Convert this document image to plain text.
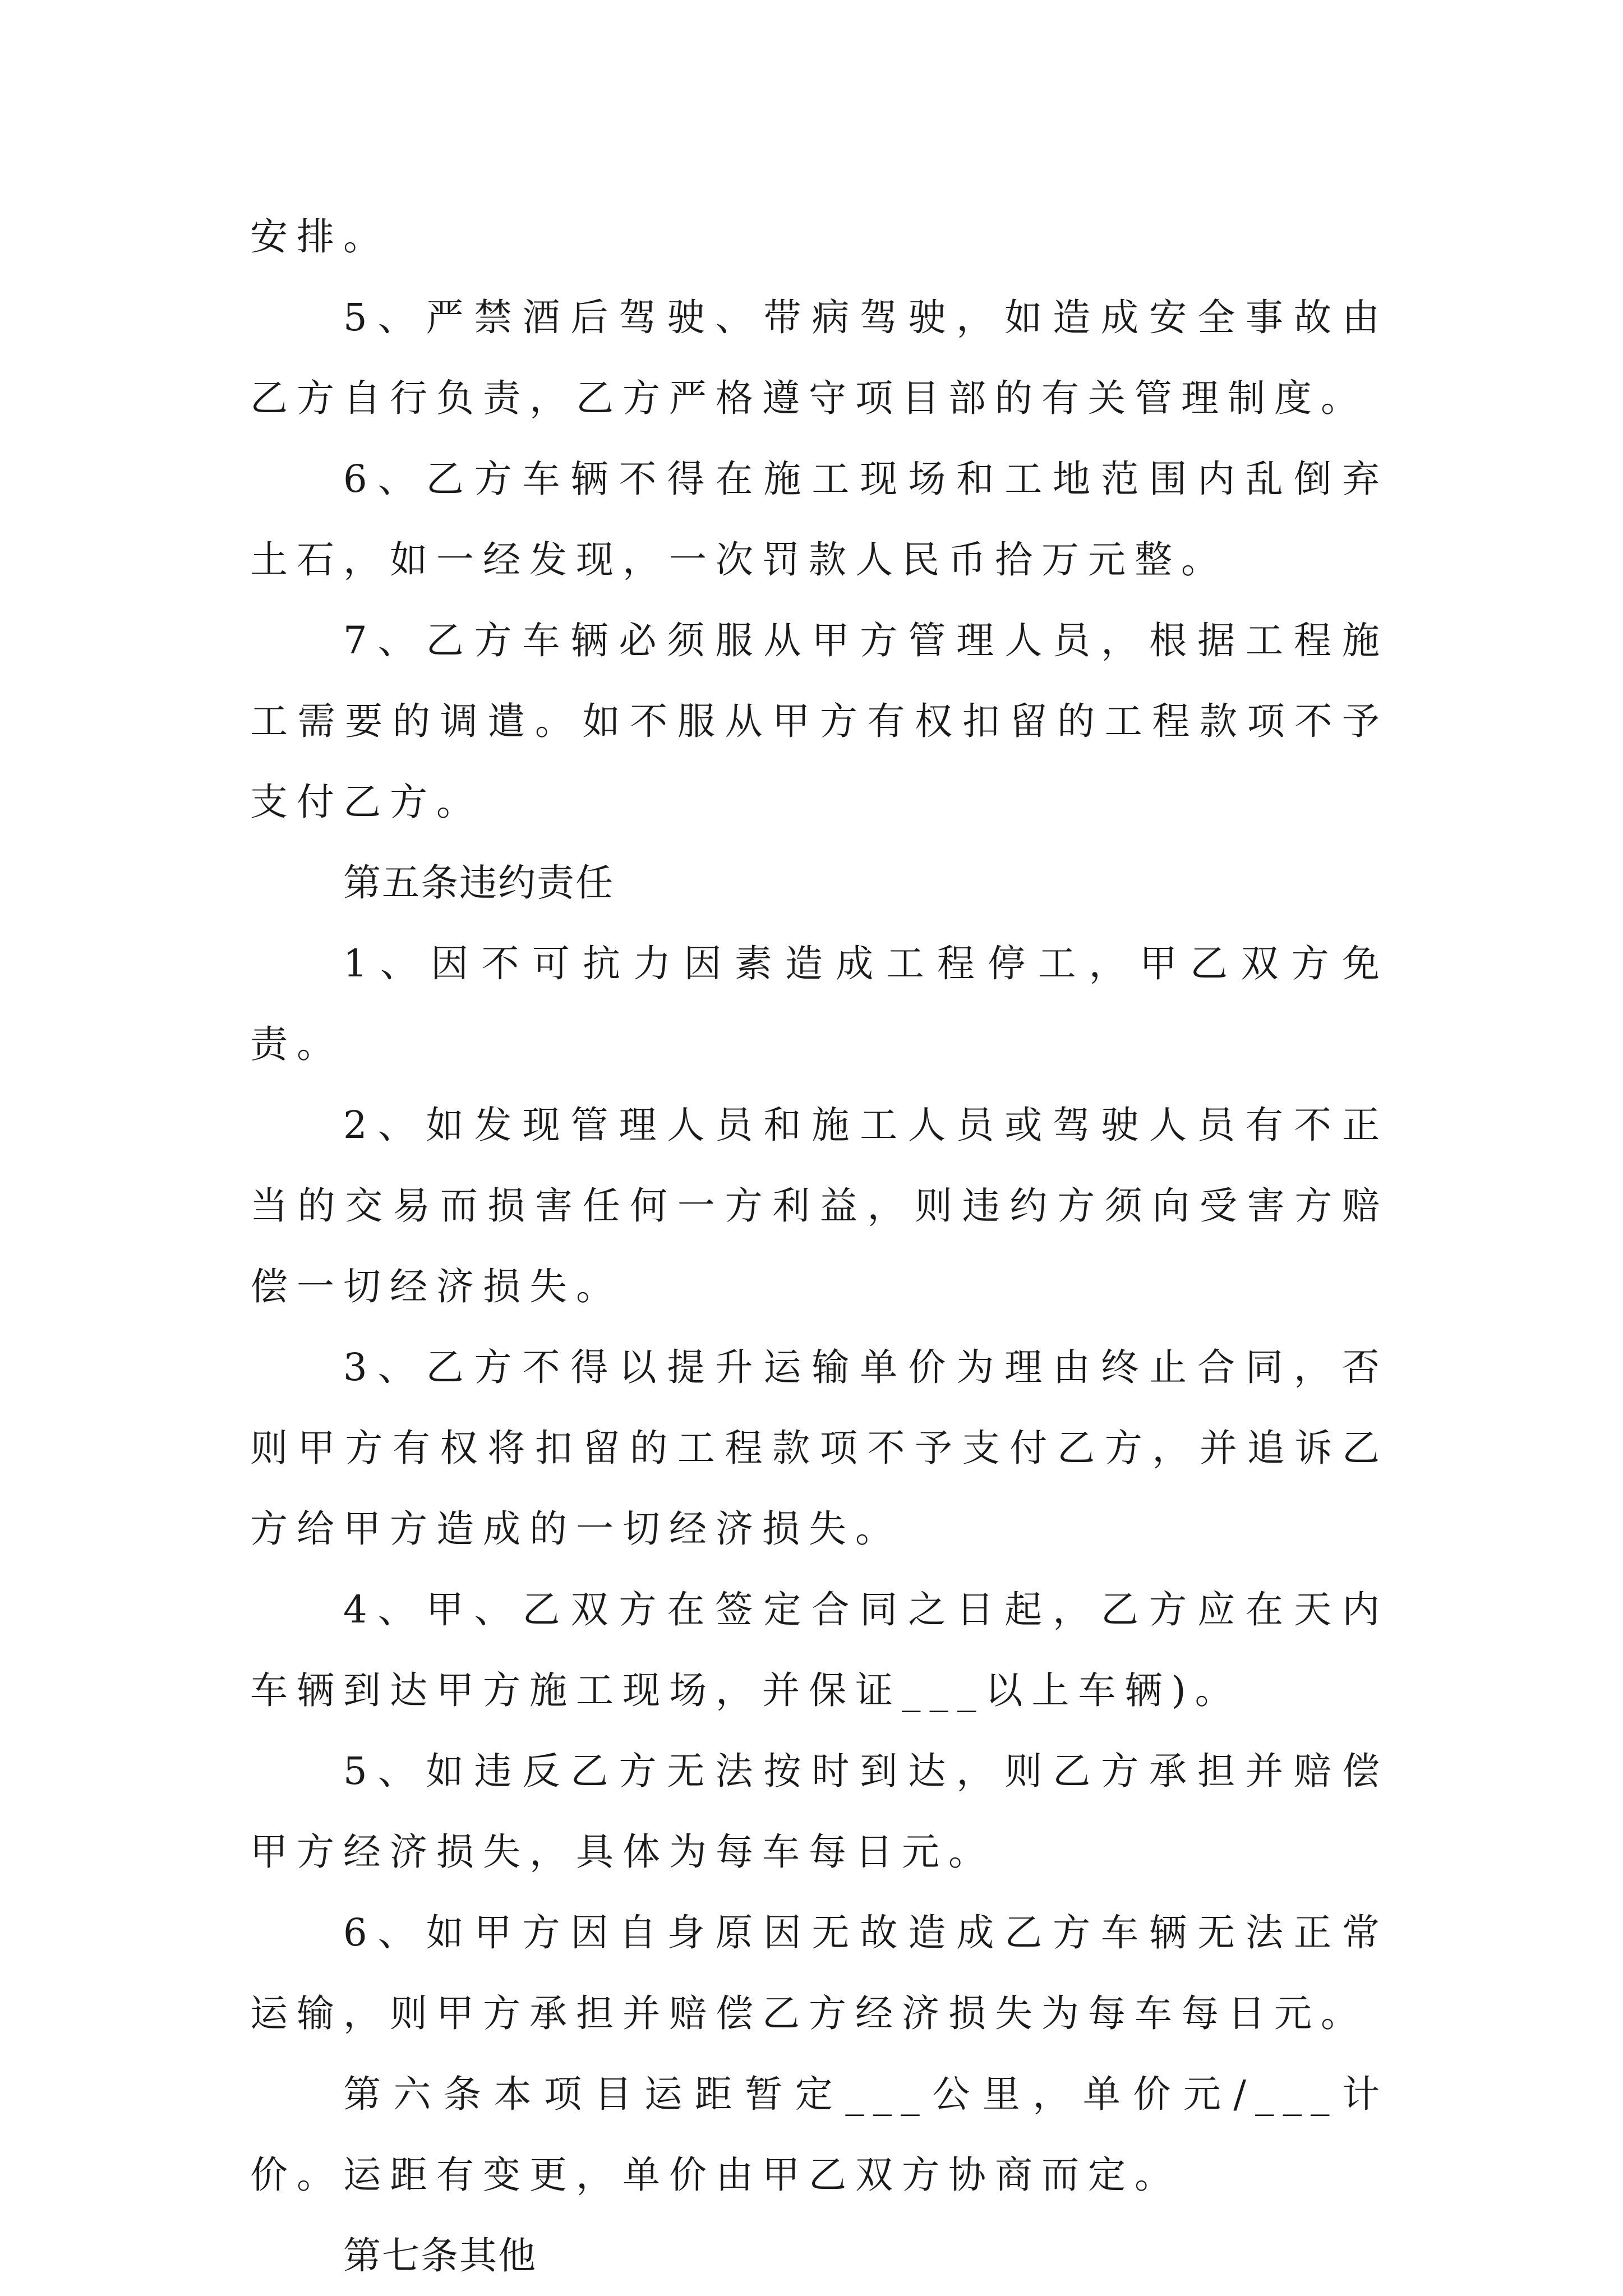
安排。

5、严禁酒后驾驶、带病驾驶，如造成安全事故由乙方自行负责，乙方严格遵守项目部的有关管理制度。

6、乙方车辆不得在施工现场和工地范围内乱倒弃土石，如一经发现，一次罚款人民币拾万元整。

7、乙方车辆必须服从甲方管理人员，根据工程施工需要的调遣。如不服从甲方有权扣留的工程款项不予支付乙方。

第五条违约责任

1、因不可抗力因素造成工程停工，甲乙双方免责。

2、如发现管理人员和施工人员或驾驶人员有不正当的交易而损害任何一方利益，则违约方须向受害方赔偿一切经济损失。

3、乙方不得以提升运输单价为理由终止合同，否则甲方有权将扣留的工程款项不予支付乙方，并追诉乙方给甲方造成的一切经济损失。

4、甲、乙双方在签定合同之日起，乙方应在天内车辆到达甲方施工现场，并保证___以上车辆)。

5、如违反乙方无法按时到达，则乙方承担并赔偿甲方经济损失，具体为每车每日元。

6、如甲方因自身原因无故造成乙方车辆无法正常运输，则甲方承担并赔偿乙方经济损失为每车每日元。

第六条本项目运距暂定___公里，单价元/___计价。运距有变更，单价由甲乙双方协商而定。

第七条其他
